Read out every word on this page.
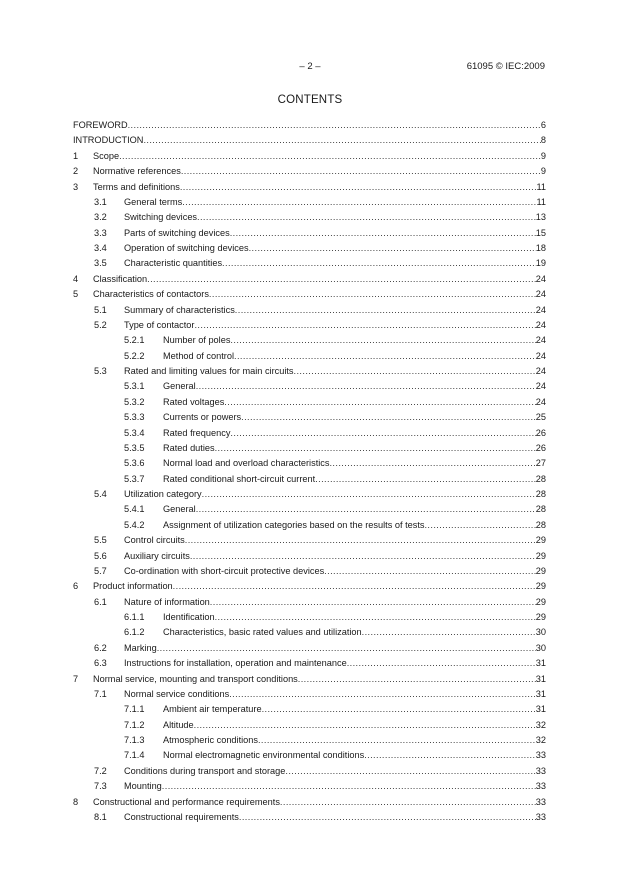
– 2 –	61095 © IEC:2009
CONTENTS
FOREWORD .....	6
INTRODUCTION .....	8
1 Scope .....	9
2 Normative references .....	9
3 Terms and definitions .....	11
3.1 General terms .....	11
3.2 Switching devices .....	13
3.3 Parts of switching devices .....	15
3.4 Operation of switching devices .....	18
3.5 Characteristic quantities .....	19
4 Classification .....	24
5 Characteristics of contactors .....	24
5.1 Summary of characteristics .....	24
5.2 Type of contactor .....	24
5.2.1 Number of poles .....	24
5.2.2 Method of control .....	24
5.3 Rated and limiting values for main circuits .....	24
5.3.1 General .....	24
5.3.2 Rated voltages .....	24
5.3.3 Currents or powers .....	25
5.3.4 Rated frequency .....	26
5.3.5 Rated duties .....	26
5.3.6 Normal load and overload characteristics .....	27
5.3.7 Rated conditional short-circuit current .....	28
5.4 Utilization category .....	28
5.4.1 General .....	28
5.4.2 Assignment of utilization categories based on the results of tests .....	28
5.5 Control circuits .....	29
5.6 Auxiliary circuits .....	29
5.7 Co-ordination with short-circuit protective devices .....	29
6 Product information .....	29
6.1 Nature of information .....	29
6.1.1 Identification .....	29
6.1.2 Characteristics, basic rated values and utilization .....	30
6.2 Marking .....	30
6.3 Instructions for installation, operation and maintenance .....	31
7 Normal service, mounting and transport conditions .....	31
7.1 Normal service conditions .....	31
7.1.1 Ambient air temperature .....	31
7.1.2 Altitude .....	32
7.1.3 Atmospheric conditions .....	32
7.1.4 Normal electromagnetic environmental conditions .....	33
7.2 Conditions during transport and storage .....	33
7.3 Mounting .....	33
8 Constructional and performance requirements .....	33
8.1 Constructional requirements .....	33
